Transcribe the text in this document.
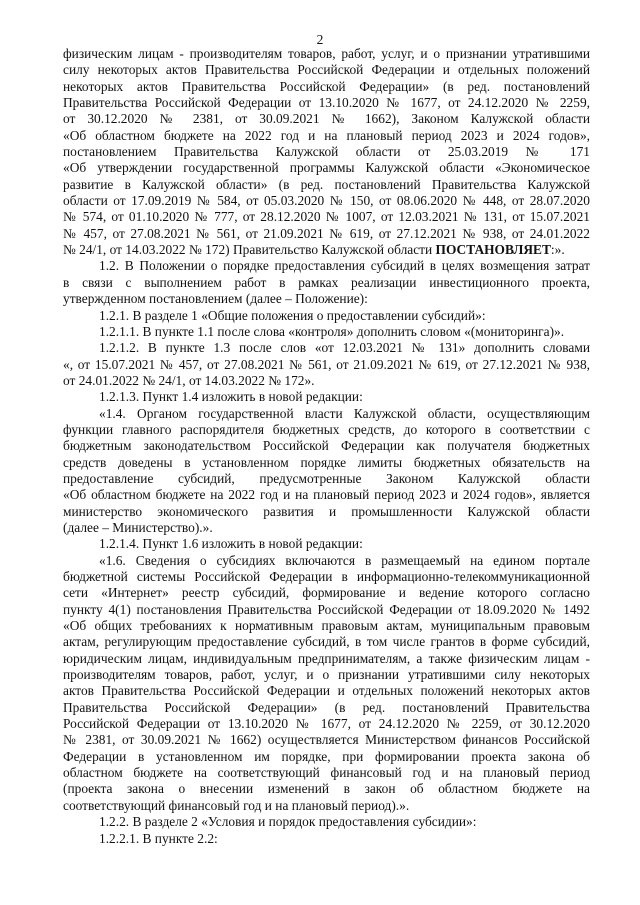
2
физическим лицам - производителям товаров, работ, услуг, и о признании утратившими
силу некоторых актов Правительства Российской Федерации и отдельных положений
некоторых актов Правительства Российской Федерации» (в ред. постановлений
Правительства Российской Федерации от 13.10.2020 № 1677, от 24.12.2020 № 2259,
от 30.12.2020 № 2381, от 30.09.2021 № 1662), Законом Калужской области
«Об областном бюджете на 2022 год и на плановый период 2023 и 2024 годов»,
постановлением Правительства Калужской области от 25.03.2019 № 171
«Об утверждении государственной программы Калужской области «Экономическое
развитие в Калужской области» (в ред. постановлений Правительства Калужской
области от 17.09.2019 № 584, от 05.03.2020 № 150, от 08.06.2020 № 448, от 28.07.2020
№ 574, от 01.10.2020 № 777, от 28.12.2020 № 1007, от 12.03.2021 № 131, от 15.07.2021
№ 457, от 27.08.2021 № 561, от 21.09.2021 № 619, от 27.12.2021 № 938, от 24.01.2022
№ 24/1, от 14.03.2022 № 172) Правительство Калужской области ПОСТАНОВЛЯЕТ:».
1.2. В Положении о порядке предоставления субсидий в целях возмещения затрат
в связи с выполнением работ в рамках реализации инвестиционного проекта,
утвержденном постановлением (далее – Положение):
1.2.1. В разделе 1 «Общие положения о предоставлении субсидий»:
1.2.1.1. В пункте 1.1 после слова «контроля» дополнить словом «(мониторинга)».
1.2.1.2. В пункте 1.3 после слов «от 12.03.2021 № 131» дополнить словами
«, от 15.07.2021 № 457, от 27.08.2021 № 561, от 21.09.2021 № 619, от 27.12.2021 № 938,
от 24.01.2022 № 24/1, от 14.03.2022 № 172».
1.2.1.3. Пункт 1.4 изложить в новой редакции:
«1.4. Органом государственной власти Калужской области, осуществляющим
функции главного распорядителя бюджетных средств, до которого в соответствии с
бюджетным законодательством Российской Федерации как получателя бюджетных
средств доведены в установленном порядке лимиты бюджетных обязательств на
предоставление субсидий, предусмотренные Законом Калужской области
«Об областном бюджете на 2022 год и на плановый период 2023 и 2024 годов», является
министерство экономического развития и промышленности Калужской области
(далее – Министерство).».
1.2.1.4. Пункт 1.6 изложить в новой редакции:
«1.6. Сведения о субсидиях включаются в размещаемый на едином портале
бюджетной системы Российской Федерации в информационно-телекоммуникационной
сети «Интернет» реестр субсидий, формирование и ведение которого согласно
пункту 4(1) постановления Правительства Российской Федерации от 18.09.2020 № 1492
«Об общих требованиях к нормативным правовым актам, муниципальным правовым
актам, регулирующим предоставление субсидий, в том числе грантов в форме субсидий,
юридическим лицам, индивидуальным предпринимателям, а также физическим лицам -
производителям товаров, работ, услуг, и о признании утратившими силу некоторых
актов Правительства Российской Федерации и отдельных положений некоторых актов
Правительства Российской Федерации» (в ред. постановлений Правительства
Российской Федерации от 13.10.2020 № 1677, от 24.12.2020 № 2259, от 30.12.2020
№ 2381, от 30.09.2021 № 1662) осуществляется Министерством финансов Российской
Федерации в установленном им порядке, при формировании проекта закона об
областном бюджете на соответствующий финансовый год и на плановый период
(проекта закона о внесении изменений в закон об областном бюджете на
соответствующий финансовый год и на плановый период).».
1.2.2. В разделе 2 «Условия и порядок предоставления субсидии»:
1.2.2.1. В пункте 2.2:
